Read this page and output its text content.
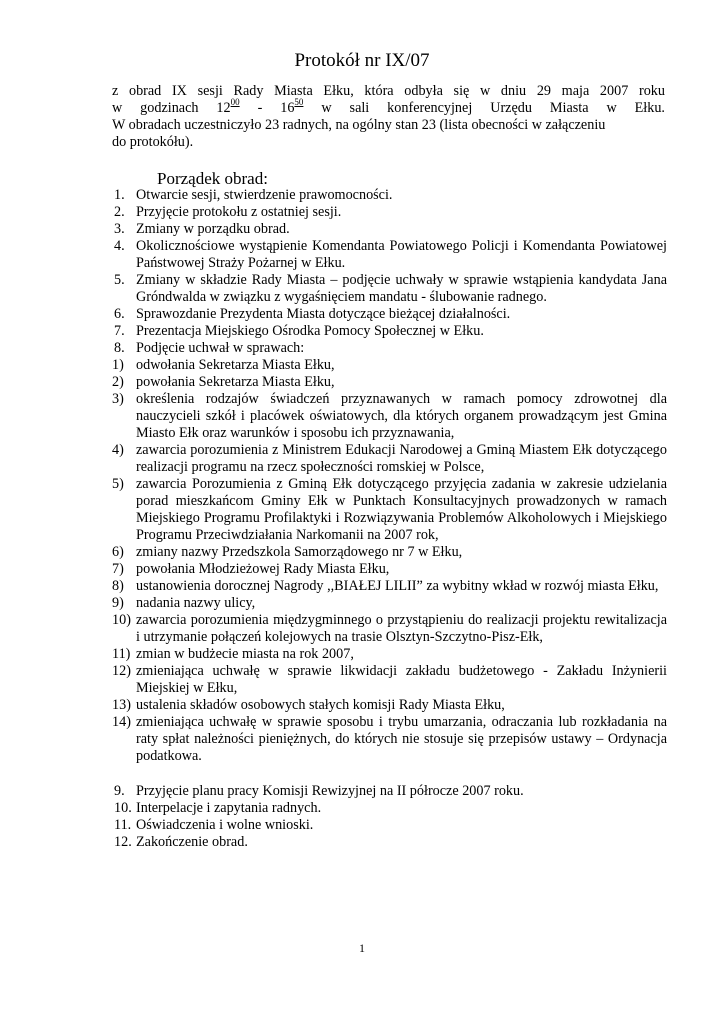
Protokół nr IX/07

z obrad IX sesji Rady Miasta Ełku, która odbyła się w dniu 29 maja 2007 roku

w godzinach $12^{00} - 16^{50}$ w sali konferencyjnej Urzędu Miasta w Ełku.

W obradach uczestniczyło 23 radnych, na ogólny stan 23 (lista obecności w załączeniu

do protokółu).

Porządek obrad:
1. Otwarcie sesji, stwierdzenie prawomocności.
2. Przyjęcie protokołu z ostatniej sesji.
3. Zmiany w porządku obrad.
4. Okolicznościowe wystąpienie Komendanta Powiatowego Policji i Komendanta Powiatowej Państwowej Straży Pożarnej w Ełku.
5. Zmiany w składzie Rady Miasta – podjęcie uchwały w sprawie wstąpienia kandydata Jana Gróndwalda w związku z wygaśnięciem mandatu - ślubowanie radnego.
6. Sprawozdanie Prezydenta Miasta dotyczące bieżącej działalności.
7. Prezentacja Miejskiego Ośrodka Pomocy Społecznej w Ełku.
8. Podjęcie uchwał w sprawach:
1) odwołania Sekretarza Miasta Ełku,
2) powołania Sekretarza Miasta Ełku,
3) określenia rodzajów świadczeń przyznawanych w ramach pomocy zdrowotnej dla nauczycieli szkół i placówek oświatowych, dla których organem prowadzącym jest Gmina Miasto Ełk oraz warunków i sposobu ich przyznawania,
4) zawarcia porozumienia z Ministrem Edukacji Narodowej a Gminą Miastem Ełk dotyczącego realizacji programu na rzecz społeczności romskiej w Polsce,
5) zawarcia Porozumienia z Gminą Ełk dotyczącego przyjęcia zadania w zakresie udzielania porad mieszkańcom Gminy Ełk w Punktach Konsultacyjnych prowadzonych w ramach Miejskiego Programu Profilaktyki i Rozwiązywania Problemów Alkoholowych i Miejskiego Programu Przeciwdziałania Narkomanii na 2007 rok,
6) zmiany nazwy Przedszkola Samorządowego nr 7 w Ełku,
7) powołania Młodzieżowej Rady Miasta Ełku,
8) ustanowienia dorocznej Nagrody ,,BIAŁEJ LILII” za wybitny wkład w rozwój miasta Ełku,
9) nadania nazwy ulicy,
10) zawarcia porozumienia międzygminnego o przystąpieniu do realizacji projektu rewitalizacja i utrzymanie połączeń kolejowych na trasie Olsztyn-Szczytno-Pisz-Ełk,
11) zmian w budżecie miasta na rok 2007,
12) zmieniająca uchwałę w sprawie likwidacji zakładu budżetowego - Zakładu Inżynierii Miejskiej w Ełku,
13) ustalenia składów osobowych stałych komisji Rady Miasta Ełku,
14) zmieniająca uchwałę w sprawie sposobu i trybu umarzania, odraczania lub rozkładania na raty spłat należności pieniężnych, do których nie stosuje się przepisów ustawy – Ordynacja podatkowa.
9. Przyjęcie planu pracy Komisji Rewizyjnej na II półrocze 2007 roku.
10. Interpelacje i zapytania radnych.
11. Oświadczenia i wolne wnioski.
12. Zakończenie obrad.

1
